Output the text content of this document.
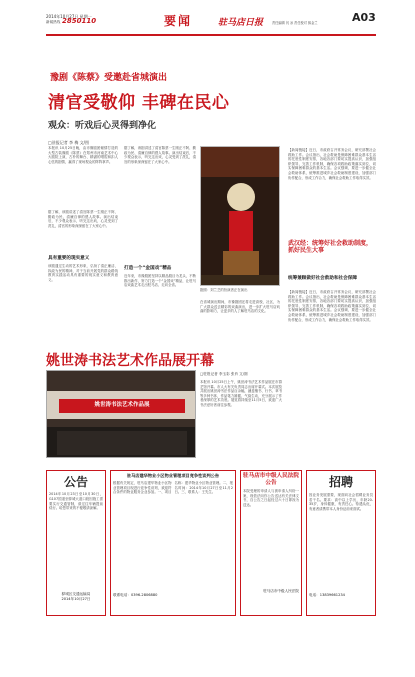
2014年10月27日 星期一
新闻热线 2850110	要闻	驻马店日报	责任编辑 闫 冰 责任校对 薛金兰	A03
豫剧《陈蔡》受邀赴省城演出
清官受敬仰 丰碑在民心
观众：听戏后心灵得到净化
□驻报记者 李 梅 文/图
本报讯 10月25日晚，由市豫剧团倾情打造的大型古装豫剧《陈蔡》在郑州市河南艺术中心大剧院上演，古朴的舞台、精湛的唱腔和扣人心弦的剧情，赢得了现场观众的阵阵掌声。
据了解，该剧讲述了清官陈蔡一生刚正不阿、勤政为民、清廉自律的感人故事。演出结束后，不少观众表示，听完这出戏，心灵受到了洗礼，清官的形象深深留在了大家心中。
具有重要的现实意义
该剧通过生动的艺术形象，弘扬了清正廉洁、执政为民的精神，对于当前开展党的群众路线教育实践活动具有重要的现实意义和教育意义。
据了解，该剧讲述了清官陈蔡一生刚正不阿、勤政为民、清廉自律的感人故事。演出结束后，不少观众表示，听完这出戏，心灵受到了洗礼，清官的形象深深留在了大家心中。
打造一个“金国戏”精品
近年来，市豫剧团坚持以精品剧目为龙头，不断推出新作，努力打造一个“金国戏”精品，让驻马店戏曲艺术走出驻马店、走向全省。
剧照：刘兰芝的扮演者正在演出
在省城演出期间，市豫剧团还将走进高校、社区，为广大群众送去精彩的戏曲演出，进一步扩大驻马店戏曲的影响力，让更多的人了解驻马店的文化。
【新闻链接】近日，市政府召开常务会议，研究部署社会救助工作。会议指出，社会救助是保障困难群众基本生活的托底性制度安排，各地各部门要切实提高认识，加强组织领导，完善工作机制，确保各项救助政策落实到位，切实保障困难群众的基本生活。会议强调，要进一步健全社会救助体系，统筹推进城乡社会救助制度建设，加强部门协作配合，形成工作合力，确保社会救助工作取得实效。
武汉经：统筹好社会救助制度，抓好民生大事
统筹兼顾做好社会救助和社会保障
【新闻链接】近日，市政府召开常务会议，研究部署社会救助工作。会议指出，社会救助是保障困难群众基本生活的托底性制度安排，各地各部门要切实提高认识，加强组织领导，完善工作机制，确保各项救助政策落实到位，切实保障困难群众的基本生活。会议强调，要进一步健全社会救助体系，统筹推进城乡社会救助制度建设，加强部门协作配合，形成工作合力，确保社会救助工作取得实效。
姚世涛书法艺术作品展开幕
姚世涛书法艺术作品展
□驻报记者 李玉彩 张肖 文/图
本报讯 10月25日上午，姚世涛书法艺术作品展在市群艺馆开幕。市人大有关负责同志出席开幕式。本次展览共展出姚世涛书法作品百余幅，涵盖楷书、行书、草书等多种书体，作品笔力雄健、气韵生动，充分展示了作者深厚的艺术功底。展览将持续至11月5日，欢迎广大书法爱好者前往参观。
公告
2014年10月23日至10月30日，G107国道至驿城大道口段因施工需要实行交通管制，请过往车辆提前绕行。给您带来的不便敬请谅解。
驿城区交通运输局
2014年10月27日
驻马店建华物业小区物业管理项目竞争性谈判公告
根据有关规定，驻马店建华物业小区物业管理项目现进行竞争性谈判，欢迎符合条件的物业服务企业参加。一、项目名称：建华物业小区物业管理。二、报名时间：2014年10月27日至11月2日。三、联系人：王先生。
联系电话：0396-2806880
驻马店市中级人民法院公告
本院受理的申请人与被申请人纠纷一案，现依法向你公告送达有关法律文书，自公告之日起经过六十日即视为送达。
驻马店市中级人民法院
招聘
因业务发展需要，现面向社会招聘业务员若干名。要求：高中以上学历，年龄20-35岁，身体健康，有责任心。待遇从优，有意者请携带本人身份证前来面试。
电话：13839661234
